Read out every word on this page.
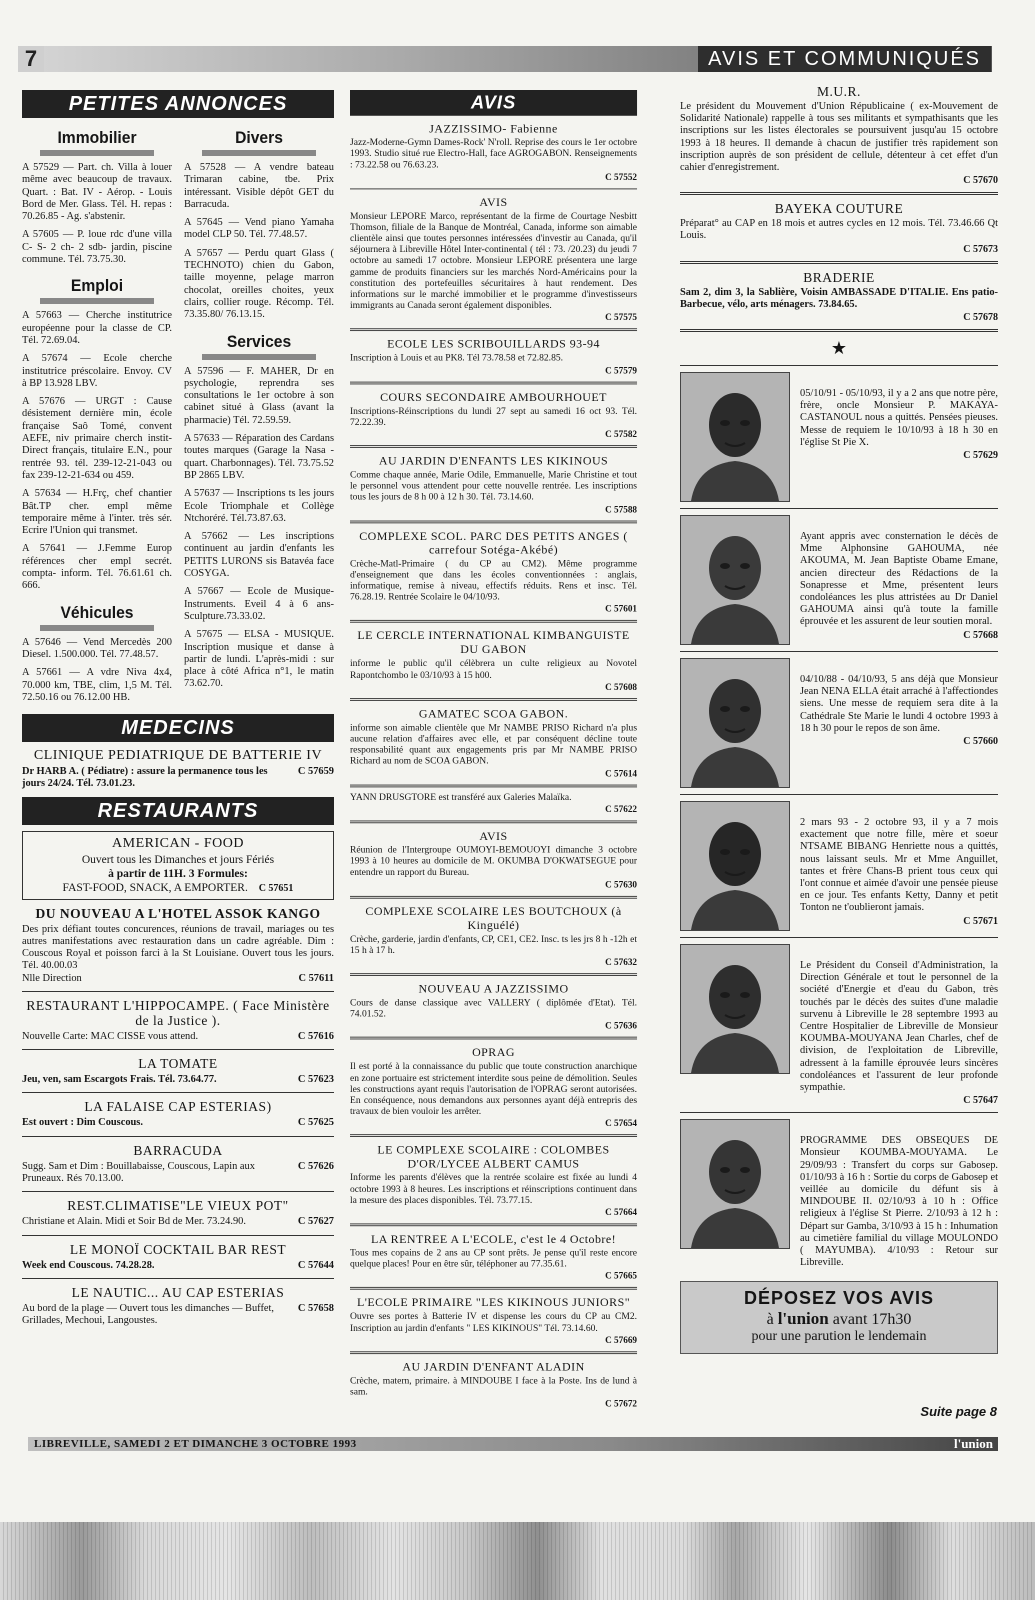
7	AVIS ET COMMUNIQUÉS
PETITES ANNONCES
Immobilier

A 57529 — Part. ch. Villa à louer même avec beaucoup de travaux. Quart. : Bat. IV - Aérop. - Louis Bord de Mer. Glass. Tél. H. repas : 70.26.85 - Ag. s'abstenir.

A 57605 — P. loue rdc d'une villa C- S- 2 ch- 2 sdb- jardin, piscine commune. Tél. 73.75.30.

Emploi

A 57663 — Cherche institutrice européenne pour la classe de CP. Tél. 72.69.04.

A 57674 — Ecole cherche institutrice préscolaire. Envoy. CV à BP 13.928 LBV.

A 57676 — URGT : Cause désistement dernière min, école française Saô Tomé, convent AEFE, niv primaire cherch instit-Direct français, titulaire E.N., pour rentrée 93. tél. 239-12-21-043 ou fax 239-12-21-634 ou 459.

A 57634 — H.Frç, chef chantier Bât.TP cher. empl même temporaire même à l'inter. très sér. Ecrire l'Union qui transmet.

A 57641 — J.Femme Europ références cher empl secrét. compta- inform. Tél. 76.61.61 ch. 666.

Véhicules

A 57646 — Vend Mercedès 200 Diesel. 1.500.000. Tél. 77.48.57.

A 57661 — A vdre Niva 4x4, 70.000 km, TBE, clim, 1,5 M. Tél. 72.50.16 ou 76.12.00 HB.

Divers

A 57528 — A vendre bateau Trimaran cabine, tbe. Prix intéressant. Visible dépôt GET du Barracuda.

A 57645 — Vend piano Yamaha model CLP 50. Tél. 77.48.57.

A 57657 — Perdu quart Glass ( TECHNOTO) chien du Gabon, taille moyenne, pelage marron chocolat, oreilles choites, yeux clairs, collier rouge. Récomp. Tél. 73.35.80/ 76.13.15.

Services

A 57596 — F. MAHER, Dr en psychologie, reprendra ses consultations le 1er octobre à son cabinet situé à Glass (avant la pharmacie) Tél. 72.59.59.

A 57633 — Réparation des Cardans toutes marques (Garage la Nasa - quart. Charbonnages). Tél. 73.75.52 BP 2865 LBV.

A 57637 — Inscriptions ts les jours Ecole Triomphale et Collège Ntchoréré. Tél.73.87.63.

A 57662 — Les inscriptions continuent au jardin d'enfants les PETITS LURONS sis Batavéa face COSYGA.

A 57667 — Ecole de Musique-Instruments. Eveil 4 à 6 ans-Sculpture.73.33.02.

A 57675 — ELSA - MUSIQUE. Inscription musique et danse à partir de lundi. L'après-midi : sur place à côté Africa n°1, le matin 73.62.70.

MEDECINS
CLINIQUE PEDIATRIQUE DE BATTERIE IV
Dr HARB A. ( Pédiatre) : assure la permanence tous les jours 24/24. Tél. 73.01.23.
C 57659
RESTAURANTS
AMERICAN - FOOD
Ouvert tous les Dimanches et jours Fériés
à partir de 11H. 3 Formules:
FAST-FOOD, SNACK, A EMPORTER. C 57651
DU NOUVEAU A L'HOTEL ASSOK KANGO
Des prix défiant toutes concurences, réunions de travail, mariages ou tes autres manifestations avec restauration dans un cadre agréable. Dim : Couscous Royal et poisson farci à la St Louisiane. Ouvert tous les jours. Tél. 40.00.03
Nlle Direction	C 57611
RESTAURANT L'HIPPOCAMPE. ( Face Ministère de la Justice ).
Nouvelle Carte: MAC CISSE vous attend.	C 57616
LA TOMATE
Jeu, ven, sam Escargots Frais. Tél. 73.64.77.	C 57623
LA FALAISE CAP ESTERIAS)
Est ouvert : Dim Couscous.	C 57625
BARRACUDA
Sugg. Sam et Dim : Bouillabaisse, Couscous, Lapin aux Pruneaux. Rés 70.13.00.
C 57626
REST.CLIMATISE"LE VIEUX POT"
Christiane et Alain. Midi et Soir Bd de Mer. 73.24.90.	C 57627
LE MONOÏ COCKTAIL BAR REST
Week end Couscous. 74.28.28.	C 57644
LE NAUTIC... AU CAP ESTERIAS
Au bord de la plage — Ouvert tous les dimanches — Buffet, Grillades, Mechoui, Langoustes.
C 57658
AVIS
JAZZISSIMO- Fabienne
Jazz-Moderne-Gymn Dames-Rock' N'roll. Reprise des cours le 1er octobre 1993. Studio situé rue Electro-Hall, face AGROGABON. Renseignements : 73.22.58 ou 76.63.23.
C 57552
AVIS
Monsieur LEPORE Marco, représentant de la firme de Courtage Nesbitt Thomson, filiale de la Banque de Montréal, Canada, informe son aimable clientèle ainsi que toutes personnes intéressées d'investir au Canada, qu'il séjournera à Libreville Hôtel Inter-continental ( tél : 73. /20.23) du jeudi 7 octobre au samedi 17 octobre. Monsieur LEPORE présentera une large gamme de produits financiers sur les marchés Nord-Américains pour la constitution des portefeuilles sécuritaires à haut rendement. Des informations sur le marché immobilier et le programme d'investisseurs immigrants au Canada seront également disponibles.
C 57575
ECOLE LES SCRIBOUILLARDS 93-94
Inscription à Louis et au PK8. Tél 73.78.58 et 72.82.85.
C 57579
COURS SECONDAIRE AMBOURHOUET
Inscriptions-Réinscriptions du lundi 27 sept au samedi 16 oct 93. Tél. 72.22.39.
C 57582
AU JARDIN D'ENFANTS LES KIKINOUS
Comme chaque année, Marie Odile, Emmanuelle, Marie Christine et tout le personnel vous attendent pour cette nouvelle rentrée. Les inscriptions tous les jours de 8 h 00 à 12 h 30. Tél. 73.14.60.
C 57588
COMPLEXE SCOL. PARC DES PETITS ANGES ( carrefour Sotéga-Akébé)
Crèche-Matl-Primaire ( du CP au CM2). Même programme d'enseignement que dans les écoles conventionnées : anglais, informatique, remise à niveau, effectifs réduits. Rens et insc. Tél. 76.28.19. Rentrée Scolaire le 04/10/93.
C 57601
LE CERCLE INTERNATIONAL KIMBANGUISTE DU GABON
informe le public qu'il célèbrera un culte religieux au Novotel Rapontchombo le 03/10/93 à 15 h00.
C 57608
GAMATEC SCOA GABON.
informe son aimable clientèle que Mr NAMBE PRISO Richard n'a plus aucune relation d'affaires avec elle, et par conséquent décline toute responsabilité quant aux engagements pris par Mr NAMBE PRISO Richard au nom de SCOA GABON.
C 57614
YANN DRUSGTORE est transféré aux Galeries Malaïka.
C 57622
AVIS
Réunion de l'Intergroupe OUMOYI-BEMOUOYI dimanche 3 octobre 1993 à 10 heures au domicile de M. OKUMBA D'OKWATSEGUE pour entendre un rapport du Bureau.
C 57630
COMPLEXE SCOLAIRE LES BOUTCHOUX (à Kinguélé)
Crèche, garderie, jardin d'enfants, CP, CE1, CE2. Insc. ts les jrs 8 h -12h et 15 h à 17 h.
C 57632
NOUVEAU A JAZZISSIMO
Cours de danse classique avec VALLERY ( diplômée d'Etat). Tél. 74.01.52.
C 57636
OPRAG
Il est porté à la connaissance du public que toute construction anarchique en zone portuaire est strictement interdite sous peine de démolition. Seules les constructions ayant requis l'autorisation de l'OPRAG seront autorisées. En conséquence, nous demandons aux personnes ayant déjà entrepris des travaux de bien vouloir les arrêter.
C 57654
LE COMPLEXE SCOLAIRE : COLOMBES D'OR/LYCEE ALBERT CAMUS
Informe les parents d'élèves que la rentrée scolaire est fixée au lundi 4 octobre 1993 à 8 heures. Les inscriptions et réinscriptions continuent dans la mesure des places disponibles. Tél. 73.77.15.
C 57664
LA RENTREE A L'ECOLE, c'est le 4 Octobre!
Tous mes copains de 2 ans au CP sont prêts. Je pense qu'il reste encore quelque places! Pour en être sûr, téléphoner au 77.35.61.
C 57665
L'ECOLE PRIMAIRE "LES KIKINOUS JUNIORS"
Ouvre ses portes à Batterie IV et dispense les cours du CP au CM2. Inscription au jardin d'enfants " LES KIKINOUS" Tél. 73.14.60.
C 57669
AU JARDIN D'ENFANT ALADIN
Crèche, matern, primaire. à MINDOUBE I face à la Poste. Ins de lund à sam.
C 57672
M.U.R.
Le président du Mouvement d'Union Républicaine ( ex-Mouvement de Solidarité Nationale) rappelle à tous ses militants et sympathisants que les inscriptions sur les listes électorales se poursuivent jusqu'au 15 octobre 1993 à 18 heures. Il demande à chacun de justifier très rapidement son inscription auprès de son président de cellule, détenteur à cet effet d'un cahier d'enregistrement.
C 57670
BAYEKA COUTURE
Préparat° au CAP en 18 mois et autres cycles en 12 mois. Tél. 73.46.66 Qt Louis.
C 57673
BRADERIE
Sam 2, dim 3, la Sablière, Voisin AMBASSADE D'ITALIE. Ens patio- Barbecue, vélo, arts ménagers. 73.84.65.
C 57678
★
05/10/91 - 05/10/93, il y a 2 ans que notre père, frère, oncle Monsieur P. MAKAYA- CASTANOUL nous a quittés. Pensées pieuses. Messe de requiem le 10/10/93 à 18 h 30 en l'église St Pie X.
C 57629
Ayant appris avec consternation le décès de Mme Alphonsine GAHOUMA, née AKOUMA, M. Jean Baptiste Obame Emane, ancien directeur des Rédactions de la Sonapresse et Mme, présentent leurs condoléances les plus attristées au Dr Daniel GAHOUMA ainsi qu'à toute la famille éprouvée et les assurent de leur soutien moral.
C 57668
04/10/88 - 04/10/93, 5 ans déjà que Monsieur Jean NENA ELLA était arraché à l'affectiondes siens. Une messe de requiem sera dite à la Cathédrale Ste Marie le lundi 4 octobre 1993 à 18 h 30 pour le repos de son âme.
C 57660
2 mars 93 - 2 octobre 93, il y a 7 mois exactement que notre fille, mère et soeur NTSAME BIBANG Henriette nous a quittés, nous laissant seuls. Mr et Mme Anguillet, tantes et frère Chans-B prient tous ceux qui l'ont connue et aimée d'avoir une pensée pieuse en ce jour. Tes enfants Ketty, Danny et petit Tonton ne t'oublieront jamais.
C 57671
Le Président du Conseil d'Administration, la Direction Générale et tout le personnel de la société d'Energie et d'eau du Gabon, très touchés par le décès des suites d'une maladie survenu à Libreville le 28 septembre 1993 au Centre Hospitalier de Libreville de Monsieur KOUMBA-MOUYANA Jean Charles, chef de division, de l'exploitation de Libreville, adressent à la famille éprouvée leurs sincères condoléances et l'assurent de leur profonde sympathie.
C 57647
PROGRAMME DES OBSEQUES DE Monsieur KOUMBA-MOUYAMA. Le 29/09/93 : Transfert du corps sur Gabosep. 01/10/93 à 16 h : Sortie du corps de Gabosep et veillée au domicile du défunt sis à MINDOUBE II. 02/10/93 à 10 h : Office religieux à l'église St Pierre. 2/10/93 à 12 h : Départ sur Gamba, 3/10/93 à 15 h : Inhumation au cimetière familial du village MOULONDO ( MAYUMBA). 4/10/93 : Retour sur Libreville.
DÉPOSEZ VOS AVIS
à l'union avant 17h30
pour une parution le lendemain
Suite page 8
LIBREVILLE, SAMEDI 2 ET DIMANCHE 3 OCTOBRE 1993	l'union
